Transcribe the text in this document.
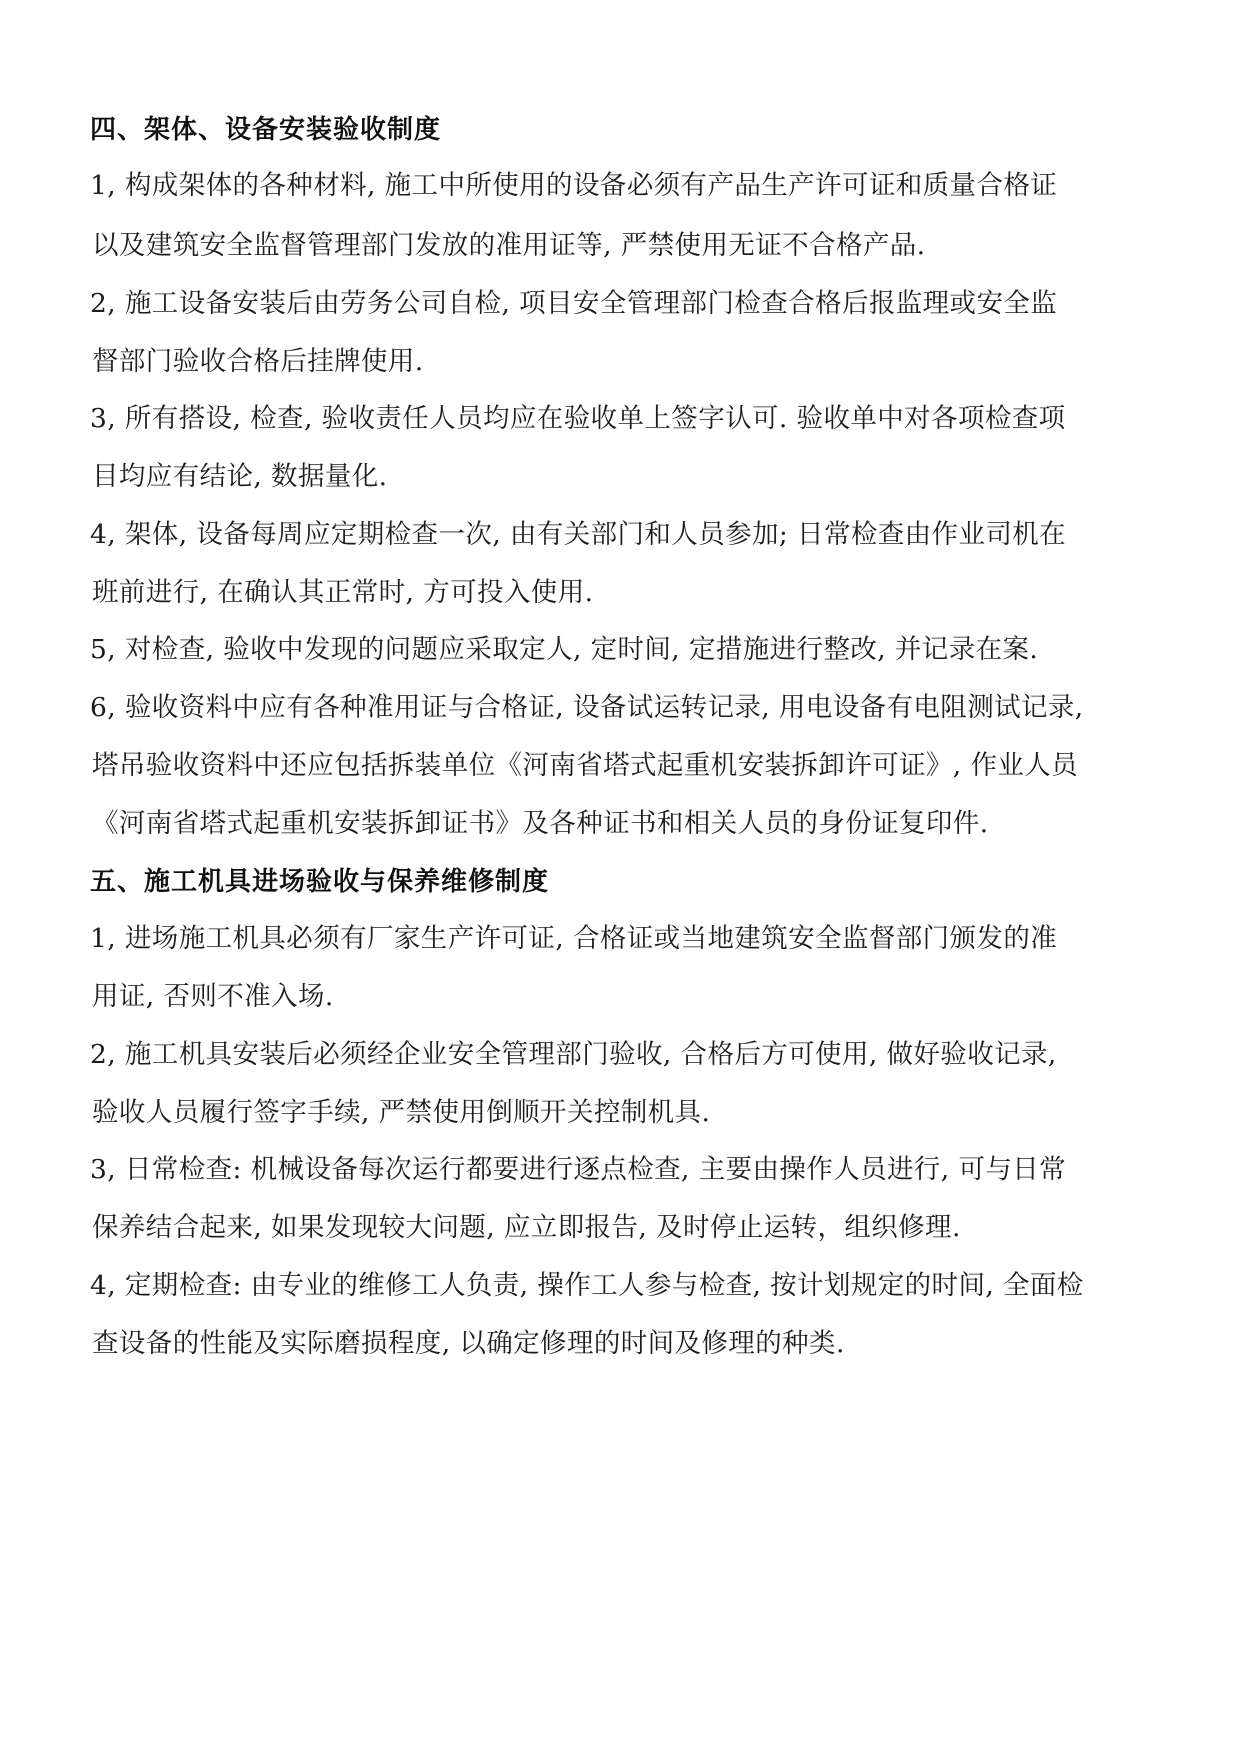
四、架体、设备安装验收制度
1, 构成架体的各种材料, 施工中所使用的设备必须有产品生产许可证和质量合格证
以及建筑安全监督管理部门发放的准用证等, 严禁使用无证不合格产品.
2, 施工设备安装后由劳务公司自检, 项目安全管理部门检查合格后报监理或安全监
督部门验收合格后挂牌使用.
3, 所有搭设, 检查, 验收责任人员均应在验收单上签字认可. 验收单中对各项检查项
目均应有结论, 数据量化.
4, 架体, 设备每周应定期检查一次, 由有关部门和人员参加; 日常检查由作业司机在
班前进行, 在确认其正常时, 方可投入使用.
5, 对检查, 验收中发现的问题应采取定人, 定时间, 定措施进行整改, 并记录在案.
6, 验收资料中应有各种准用证与合格证, 设备试运转记录, 用电设备有电阻测试记录,
塔吊验收资料中还应包括拆装单位《河南省塔式起重机安装拆卸许可证》, 作业人员
《河南省塔式起重机安装拆卸证书》及各种证书和相关人员的身份证复印件.
五、施工机具进场验收与保养维修制度
1, 进场施工机具必须有厂家生产许可证, 合格证或当地建筑安全监督部门颁发的准
用证, 否则不准入场.
2, 施工机具安装后必须经企业安全管理部门验收, 合格后方可使用, 做好验收记录,
验收人员履行签字手续, 严禁使用倒顺开关控制机具.
3, 日常检查: 机械设备每次运行都要进行逐点检查, 主要由操作人员进行, 可与日常
保养结合起来, 如果发现较大问题, 应立即报告, 及时停止运转，组织修理.
4, 定期检查: 由专业的维修工人负责, 操作工人参与检查, 按计划规定的时间, 全面检
查设备的性能及实际磨损程度, 以确定修理的时间及修理的种类.
